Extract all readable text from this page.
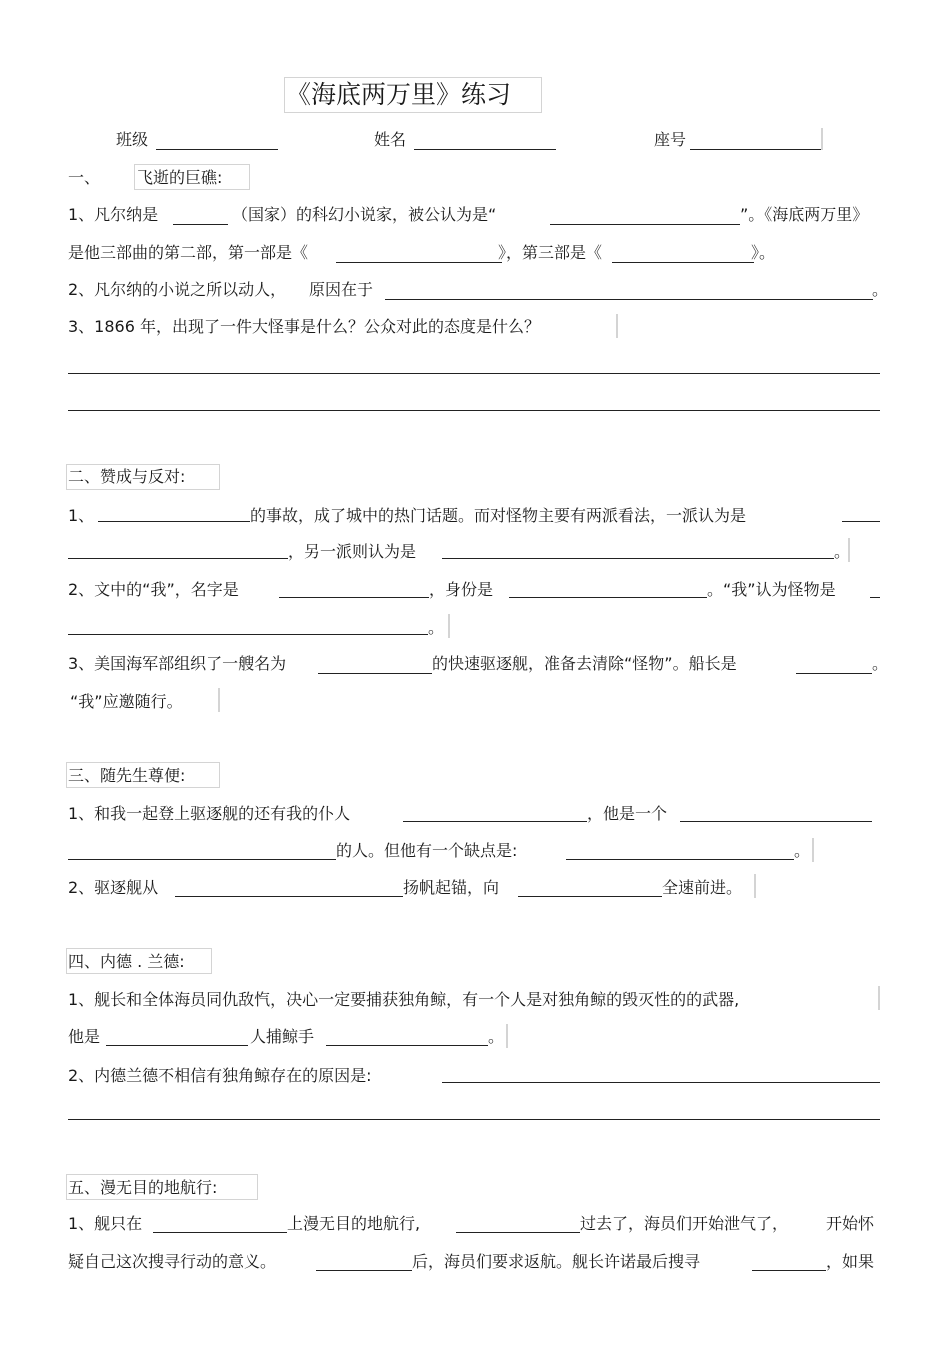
《海底两万里》练习
班级	姓名	座号
一、 飞逝的巨礁:
1、凡尔纳是	（国家）的科幻小说家，被公认为是“	”。《海底两万里》
是他三部曲的第二部，第一部是《	》，第三部是《	》。
2、凡尔纳的小说之所以动人， 原因在于	。
3、1866 年，出现了一件大怪事是什么？公众对此的态度是什么？
二、赞成与反对:
1、	的事故，成了城中的热门话题。而对怪物主要有两派看法，一派认为是
，另一派则认为是	。
2、文中的“我”，名字是	，身份是	。“我”认为怪物是
。
3、美国海军部组织了一艘名为	的快速驱逐舰，准备去清除“怪物”。船长是	。
“我”应邀随行。
三、随先生尊便:
1、和我一起登上驱逐舰的还有我的仆人	，他是一个
的人。但他有一个缺点是:	。
2、驱逐舰从	扬帆起锚，向	全速前进。
四、内德 . 兰德:
1、舰长和全体海员同仇敌忾，决心一定要捕获独角鲸，有一个人是对独角鲸的毁灭性的的武器,
他是	人捕鲸手	。
2、内德兰德不相信有独角鲸存在的原因是:
五、漫无目的地航行:
1、舰只在	上漫无目的地航行,	过去了，海员们开始泄气了， 开始怀
疑自己这次搜寻行动的意义。	后，海员们要求返航。舰长许诺最后搜寻	，如果
